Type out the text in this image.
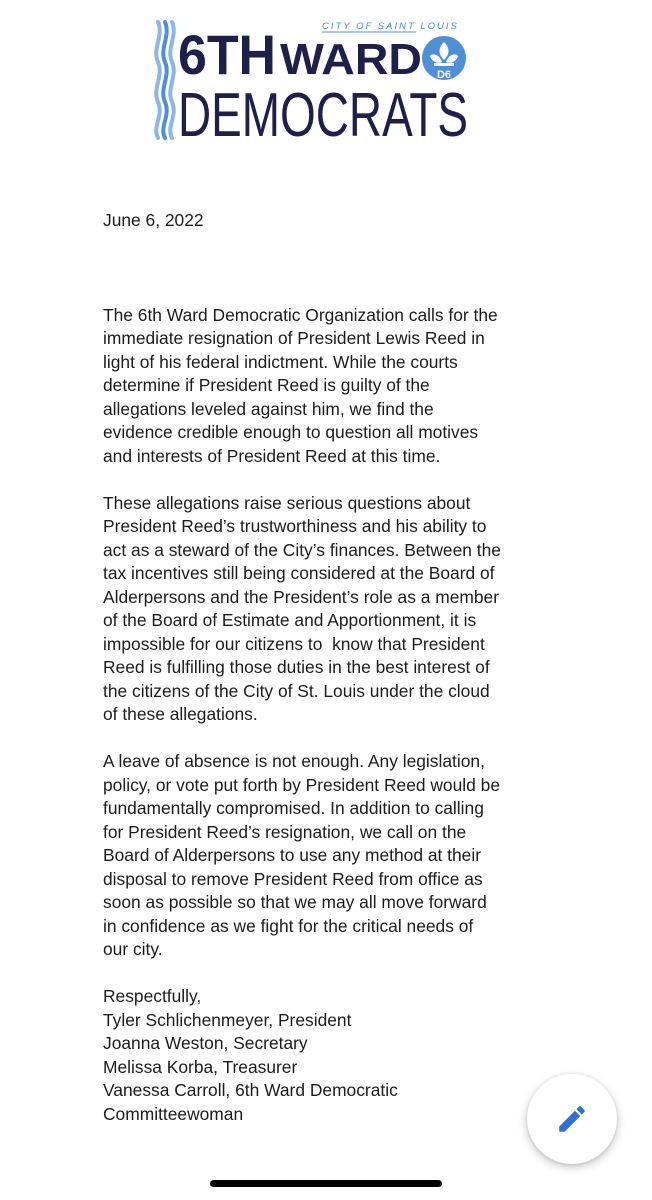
CITY OF SAINT LOUIS
6TH WARD D6
DEMOCRATS

June 6, 2022

The 6th Ward Democratic Organization calls for the
immediate resignation of President Lewis Reed in
light of his federal indictment. While the courts
determine if President Reed is guilty of the
allegations leveled against him, we find the
evidence credible enough to question all motives
and interests of President Reed at this time.

These allegations raise serious questions about
President Reed’s trustworthiness and his ability to
act as a steward of the City’s finances. Between the
tax incentives still being considered at the Board of
Alderpersons and the President’s role as a member
of the Board of Estimate and Apportionment, it is
impossible for our citizens to  know that President
Reed is fulfilling those duties in the best interest of
the citizens of the City of St. Louis under the cloud
of these allegations.

A leave of absence is not enough. Any legislation,
policy, or vote put forth by President Reed would be
fundamentally compromised. In addition to calling
for President Reed’s resignation, we call on the
Board of Alderpersons to use any method at their
disposal to remove President Reed from office as
soon as possible so that we may all move forward
in confidence as we fight for the critical needs of
our city.

Respectfully,
Tyler Schlichenmeyer, President
Joanna Weston, Secretary
Melissa Korba, Treasurer
Vanessa Carroll, 6th Ward Democratic
Committeewoman
